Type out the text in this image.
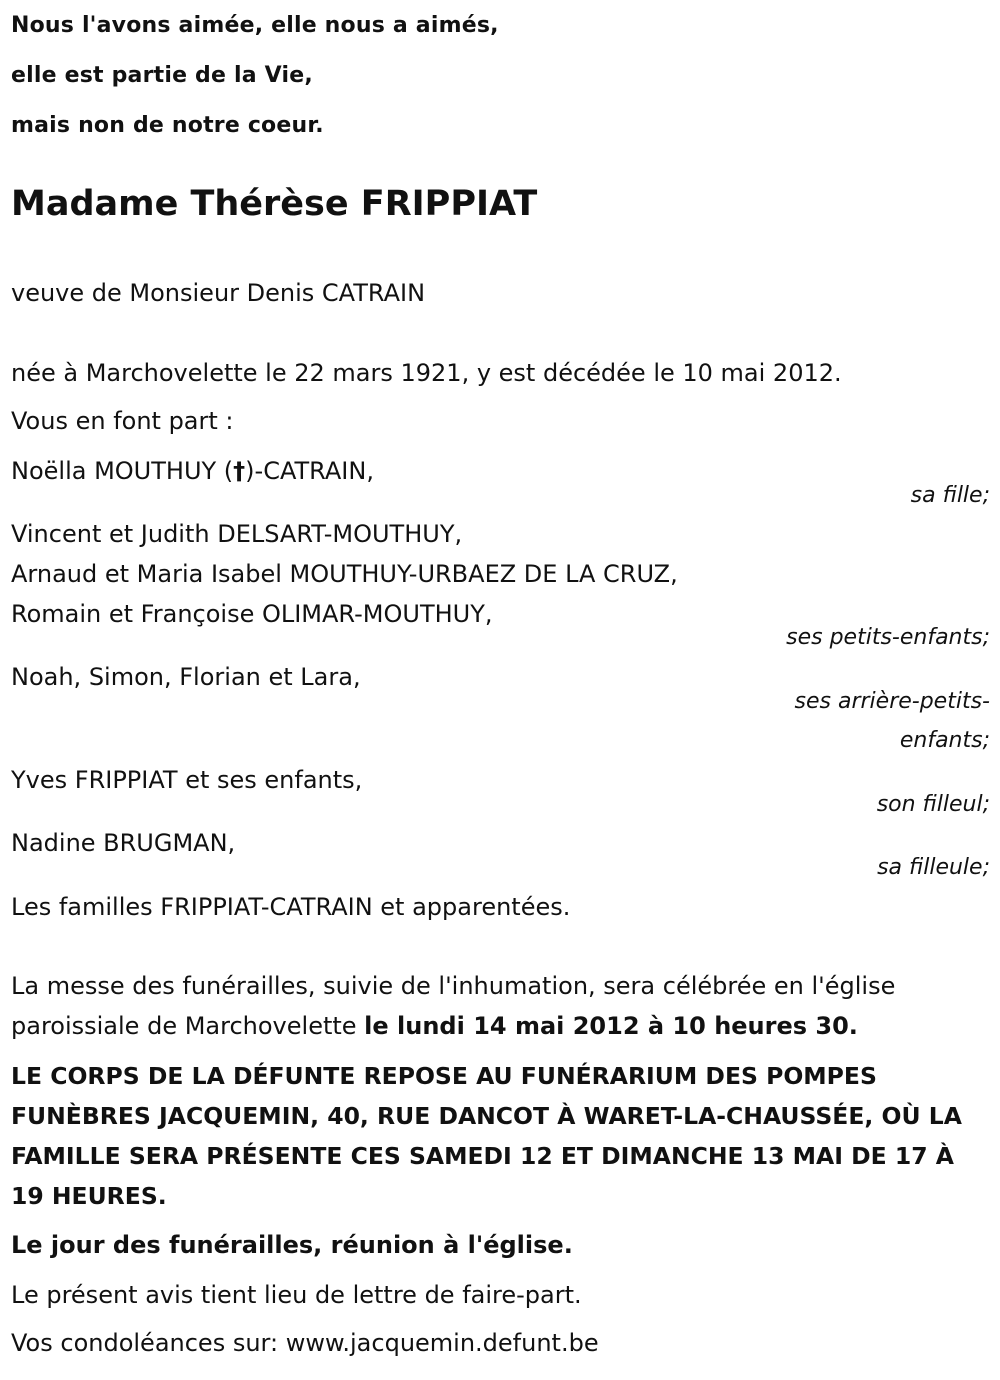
Nous l'avons aimée, elle nous a aimés,
elle est partie de la Vie,
mais non de notre coeur.
Madame Thérèse FRIPPIAT
veuve de Monsieur Denis CATRAIN
née à Marchovelette le 22 mars 1921, y est décédée le 10 mai 2012.
Vous en font part :
Noëlla MOUTHUY (†)-CATRAIN,
sa fille;
Vincent et Judith DELSART-MOUTHUY,
Arnaud et Maria Isabel MOUTHUY-URBAEZ DE LA CRUZ,
Romain et Françoise OLIMAR-MOUTHUY,
ses petits-enfants;
Noah, Simon, Florian et Lara,
ses arrière-petits-
enfants;
Yves FRIPPIAT et ses enfants,
son filleul;
Nadine BRUGMAN,
sa filleule;
Les familles FRIPPIAT-CATRAIN et apparentées.
La messe des funérailles, suivie de l'inhumation, sera célébrée en l'église
paroissiale de Marchovelette le lundi 14 mai 2012 à 10 heures 30.
LE CORPS DE LA DÉFUNTE REPOSE AU FUNÉRARIUM DES POMPES FUNÈBRES JACQUEMIN, 40, RUE DANCOT À WARET-LA-CHAUSSÉE, OÙ LA FAMILLE SERA PRÉSENTE CES SAMEDI 12 ET DIMANCHE 13 MAI DE 17 À 19 HEURES.
Le jour des funérailles, réunion à l'église.
Le présent avis tient lieu de lettre de faire-part.
Vos condoléances sur: www.jacquemin.defunt.be
